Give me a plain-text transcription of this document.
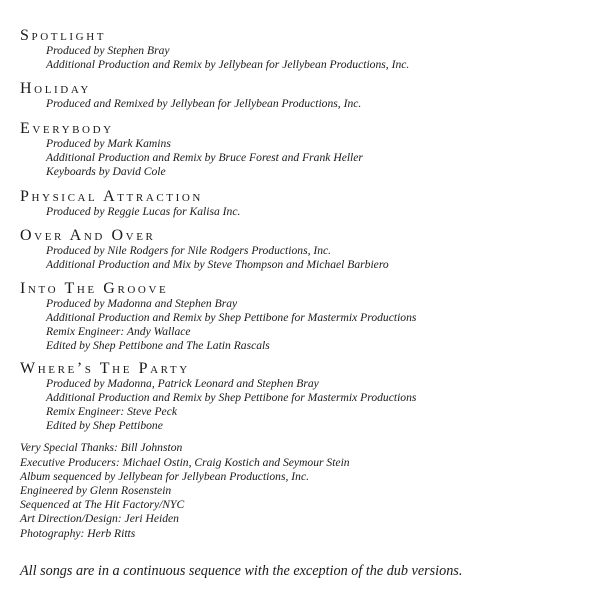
Spotlight
Produced by Stephen Bray
Additional Production and Remix by Jellybean for Jellybean Productions, Inc.
Holiday
Produced and Remixed by Jellybean for Jellybean Productions, Inc.
Everybody
Produced by Mark Kamins
Additional Production and Remix by Bruce Forest and Frank Heller
Keyboards by David Cole
Physical Attraction
Produced by Reggie Lucas for Kalisa Inc.
Over And Over
Produced by Nile Rodgers for Nile Rodgers Productions, Inc.
Additional Production and Mix by Steve Thompson and Michael Barbiero
Into The Groove
Produced by Madonna and Stephen Bray
Additional Production and Remix by Shep Pettibone for Mastermix Productions
Remix Engineer: Andy Wallace
Edited by Shep Pettibone and The Latin Rascals
Where’s The Party
Produced by Madonna, Patrick Leonard and Stephen Bray
Additional Production and Remix by Shep Pettibone for Mastermix Productions
Remix Engineer: Steve Peck
Edited by Shep Pettibone
Very Special Thanks: Bill Johnston
Executive Producers: Michael Ostin, Craig Kostich and Seymour Stein
Album sequenced by Jellybean for Jellybean Productions, Inc.
Engineered by Glenn Rosenstein
Sequenced at The Hit Factory/NYC
Art Direction/Design: Jeri Heiden
Photography: Herb Ritts
All songs are in a continuous sequence with the exception of the dub versions.
